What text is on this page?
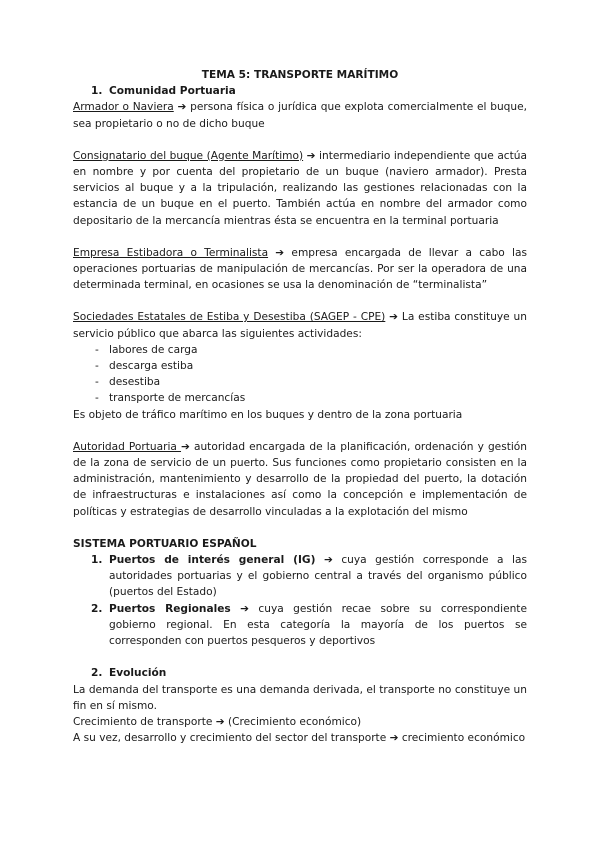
TEMA 5: TRANSPORTE MARÍTIMO
1. Comunidad Portuaria

Armador o Naviera ➔ persona física o jurídica que explota comercialmente el buque, sea propietario o no de dicho buque

Consignatario del buque (Agente Marítimo) ➔ intermediario independiente que actúa en nombre y por cuenta del propietario de un buque (naviero armador). Presta servicios al buque y a la tripulación, realizando las gestiones relacionadas con la estancia de un buque en el puerto. También actúa en nombre del armador como depositario de la mercancía mientras ésta se encuentra en la terminal portuaria

Empresa Estibadora o Terminalista ➔ empresa encargada de llevar a cabo las operaciones portuarias de manipulación de mercancías. Por ser la operadora de una determinada terminal, en ocasiones se usa la denominación de “terminalista”

Sociedades Estatales de Estiba y Desestiba (SAGEP - CPE) ➔ La estiba constituye un servicio público que abarca las siguientes actividades:

- labores de carga
- descarga estiba
- desestiba
- transporte de mercancías

Es objeto de tráfico marítimo en los buques y dentro de la zona portuaria

Autoridad Portuaria ➔ autoridad encargada de la planificación, ordenación y gestión de la zona de servicio de un puerto. Sus funciones como propietario consisten en la administración, mantenimiento y desarrollo de la propiedad del puerto, la dotación de infraestructuras e instalaciones así como la concepción e implementación de políticas y estrategias de desarrollo vinculadas a la explotación del mismo

SISTEMA PORTUARIO ESPAÑOL
1. Puertos de interés general (IG) ➔ cuya gestión corresponde a las autoridades portuarias y el gobierno central a través del organismo público (puertos del Estado)
2. Puertos Regionales ➔ cuya gestión recae sobre su correspondiente gobierno regional. En esta categoría la mayoría de los puertos se corresponden con puertos pesqueros y deportivos
2. Evolución

La demanda del transporte es una demanda derivada, el transporte no constituye un fin en sí mismo.

Crecimiento de transporte ➔ (Crecimiento económico)

A su vez, desarrollo y crecimiento del sector del transporte ➔ crecimiento económico
